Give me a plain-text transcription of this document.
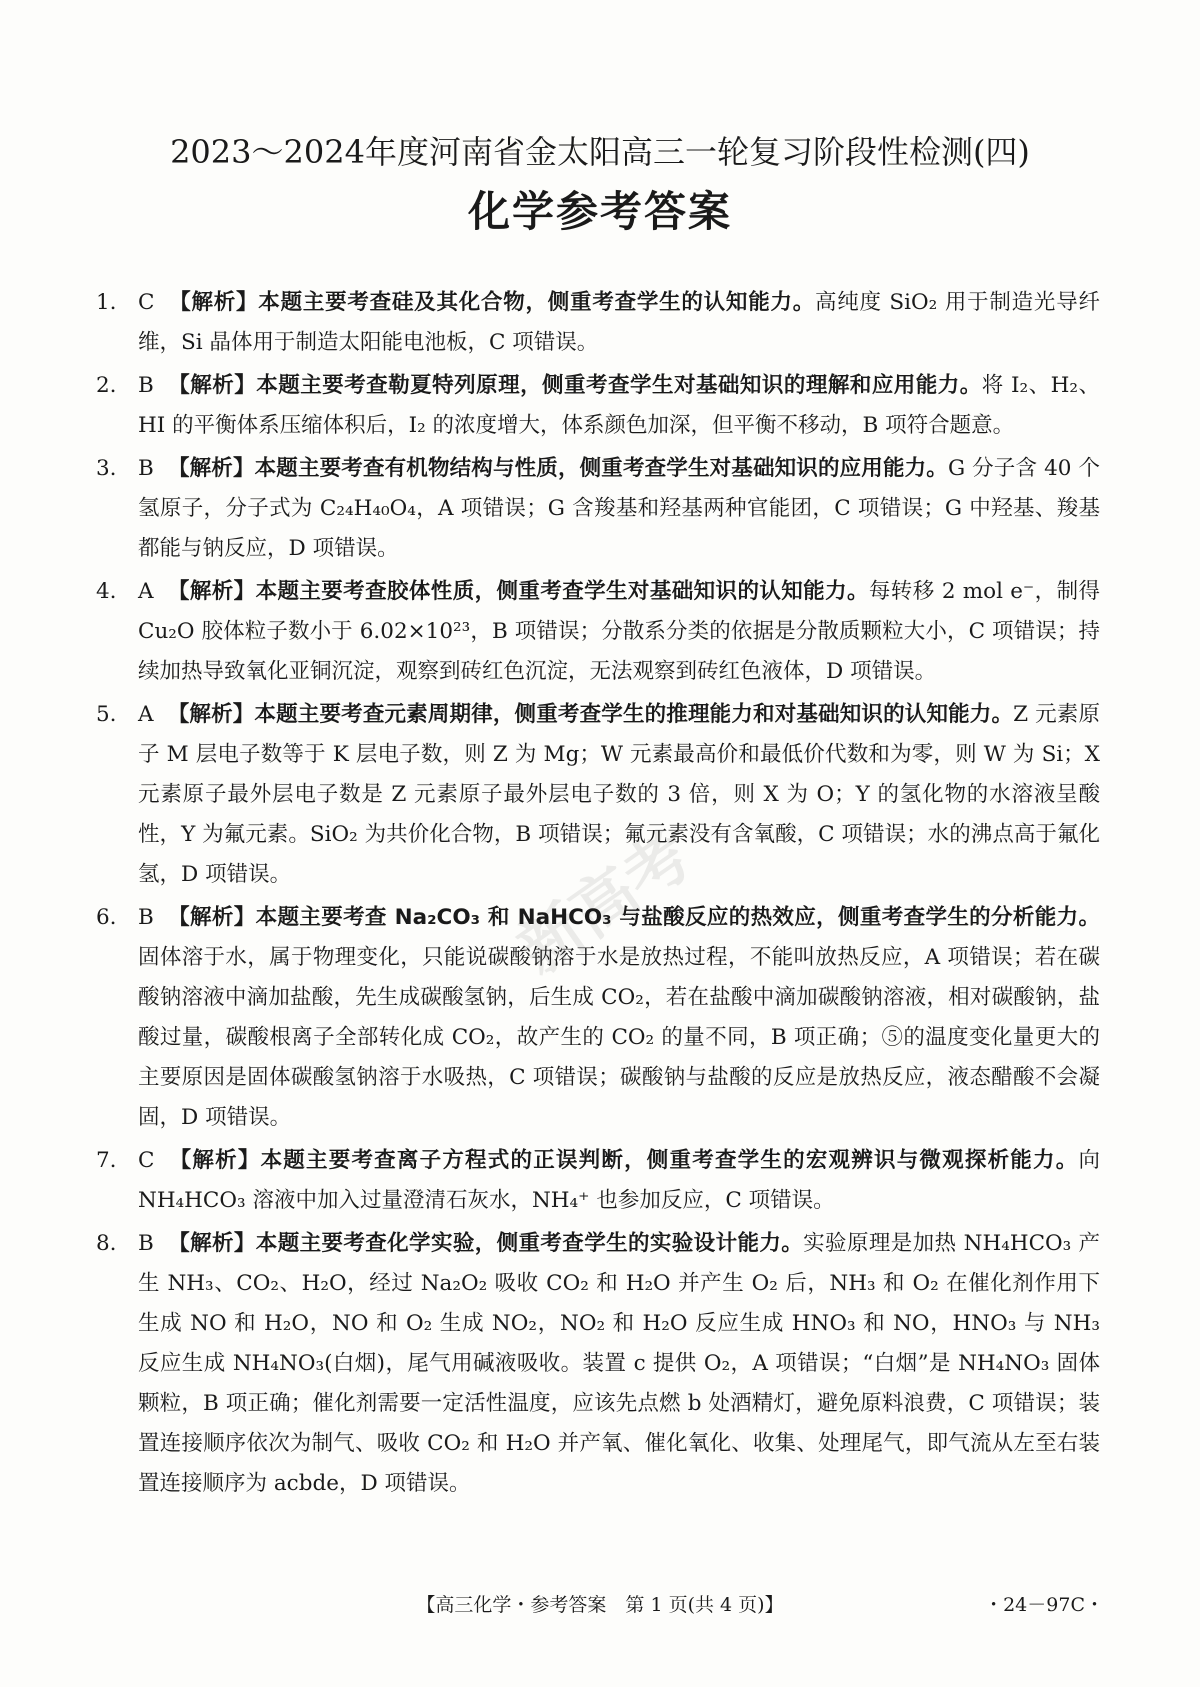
2023～2024年度河南省金太阳高三一轮复习阶段性检测(四)
化学参考答案
新高考
1. C 【解析】本题主要考查硅及其化合物，侧重考查学生的认知能力。高纯度 SiO₂ 用于制造光导纤维，Si 晶体用于制造太阳能电池板，C 项错误。
2. B 【解析】本题主要考查勒夏特列原理，侧重考查学生对基础知识的理解和应用能力。将 I₂、H₂、HI 的平衡体系压缩体积后，I₂ 的浓度增大，体系颜色加深，但平衡不移动，B 项符合题意。
3. B 【解析】本题主要考查有机物结构与性质，侧重考查学生对基础知识的应用能力。G 分子含 40 个氢原子，分子式为 C₂₄H₄₀O₄，A 项错误；G 含羧基和羟基两种官能团，C 项错误；G 中羟基、羧基都能与钠反应，D 项错误。
4. A 【解析】本题主要考查胶体性质，侧重考查学生对基础知识的认知能力。每转移 2 mol e⁻，制得 Cu₂O 胶体粒子数小于 6.02×10²³，B 项错误；分散系分类的依据是分散质颗粒大小，C 项错误；持续加热导致氧化亚铜沉淀，观察到砖红色沉淀，无法观察到砖红色液体，D 项错误。
5. A 【解析】本题主要考查元素周期律，侧重考查学生的推理能力和对基础知识的认知能力。Z 元素原子 M 层电子数等于 K 层电子数，则 Z 为 Mg；W 元素最高价和最低价代数和为零，则 W 为 Si；X 元素原子最外层电子数是 Z 元素原子最外层电子数的 3 倍，则 X 为 O；Y 的氢化物的水溶液呈酸性，Y 为氟元素。SiO₂ 为共价化合物，B 项错误；氟元素没有含氧酸，C 项错误；水的沸点高于氟化氢，D 项错误。
6. B 【解析】本题主要考查 Na₂CO₃ 和 NaHCO₃ 与盐酸反应的热效应，侧重考查学生的分析能力。固体溶于水，属于物理变化，只能说碳酸钠溶于水是放热过程，不能叫放热反应，A 项错误；若在碳酸钠溶液中滴加盐酸，先生成碳酸氢钠，后生成 CO₂，若在盐酸中滴加碳酸钠溶液，相对碳酸钠，盐酸过量，碳酸根离子全部转化成 CO₂，故产生的 CO₂ 的量不同，B 项正确；⑤的温度变化量更大的主要原因是固体碳酸氢钠溶于水吸热，C 项错误；碳酸钠与盐酸的反应是放热反应，液态醋酸不会凝固，D 项错误。
7. C 【解析】本题主要考查离子方程式的正误判断，侧重考查学生的宏观辨识与微观探析能力。向 NH₄HCO₃ 溶液中加入过量澄清石灰水，NH₄⁺ 也参加反应，C 项错误。
8. B 【解析】本题主要考查化学实验，侧重考查学生的实验设计能力。实验原理是加热 NH₄HCO₃ 产生 NH₃、CO₂、H₂O，经过 Na₂O₂ 吸收 CO₂ 和 H₂O 并产生 O₂ 后，NH₃ 和 O₂ 在催化剂作用下生成 NO 和 H₂O，NO 和 O₂ 生成 NO₂，NO₂ 和 H₂O 反应生成 HNO₃ 和 NO，HNO₃ 与 NH₃ 反应生成 NH₄NO₃(白烟)，尾气用碱液吸收。装置 c 提供 O₂，A 项错误；“白烟”是 NH₄NO₃ 固体颗粒，B 项正确；催化剂需要一定活性温度，应该先点燃 b 处酒精灯，避免原料浪费，C 项错误；装置连接顺序依次为制气、吸收 CO₂ 和 H₂O 并产氧、催化氧化、收集、处理尾气，即气流从左至右装置连接顺序为 acbde，D 项错误。
【高三化学・参考答案　第 1 页(共 4 页)】	・24－97C・
